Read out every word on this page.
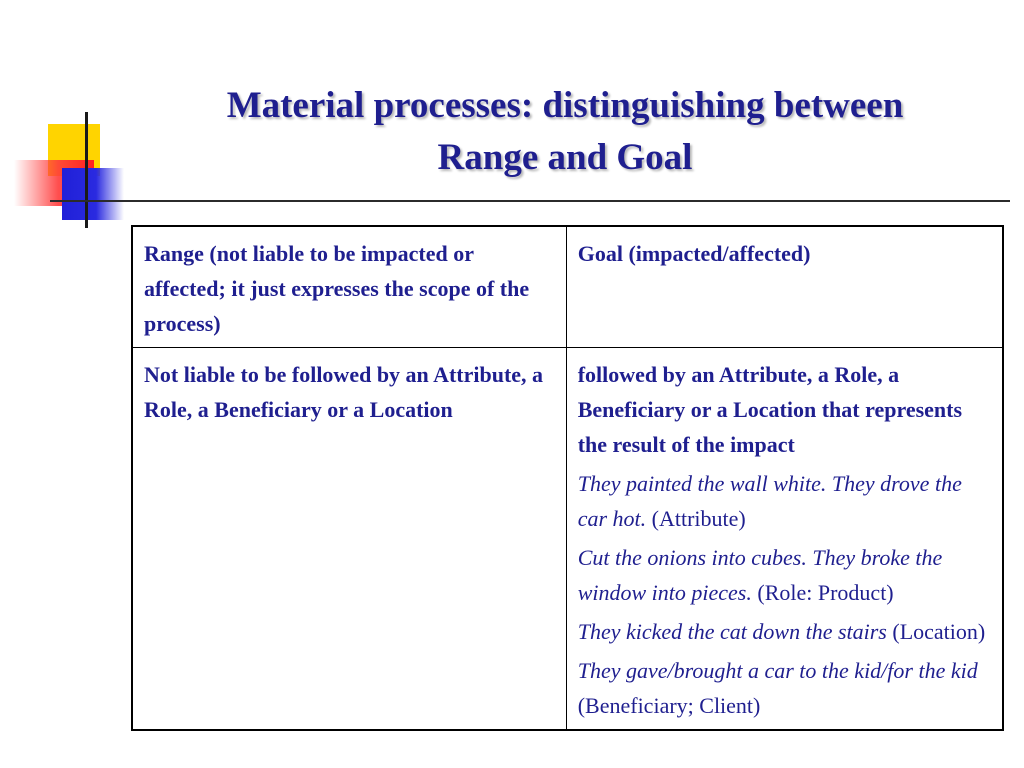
Material processes: distinguishing between
Range and Goal
Range (not liable to be impacted or affected; it just expresses the scope of the process)	Goal (impacted/affected)
Not liable to be followed by an Attribute, a Role, a Beneficiary or a Location	followed by an Attribute, a Role, a Beneficiary or a Location that represents the result of the impact
They painted the wall white. They drove the car hot. (Attribute)
Cut the onions into cubes. They broke the window into pieces. (Role: Product)
They kicked the cat down the stairs (Location)
They gave/brought a car to the kid/for the kid (Beneficiary; Client)
